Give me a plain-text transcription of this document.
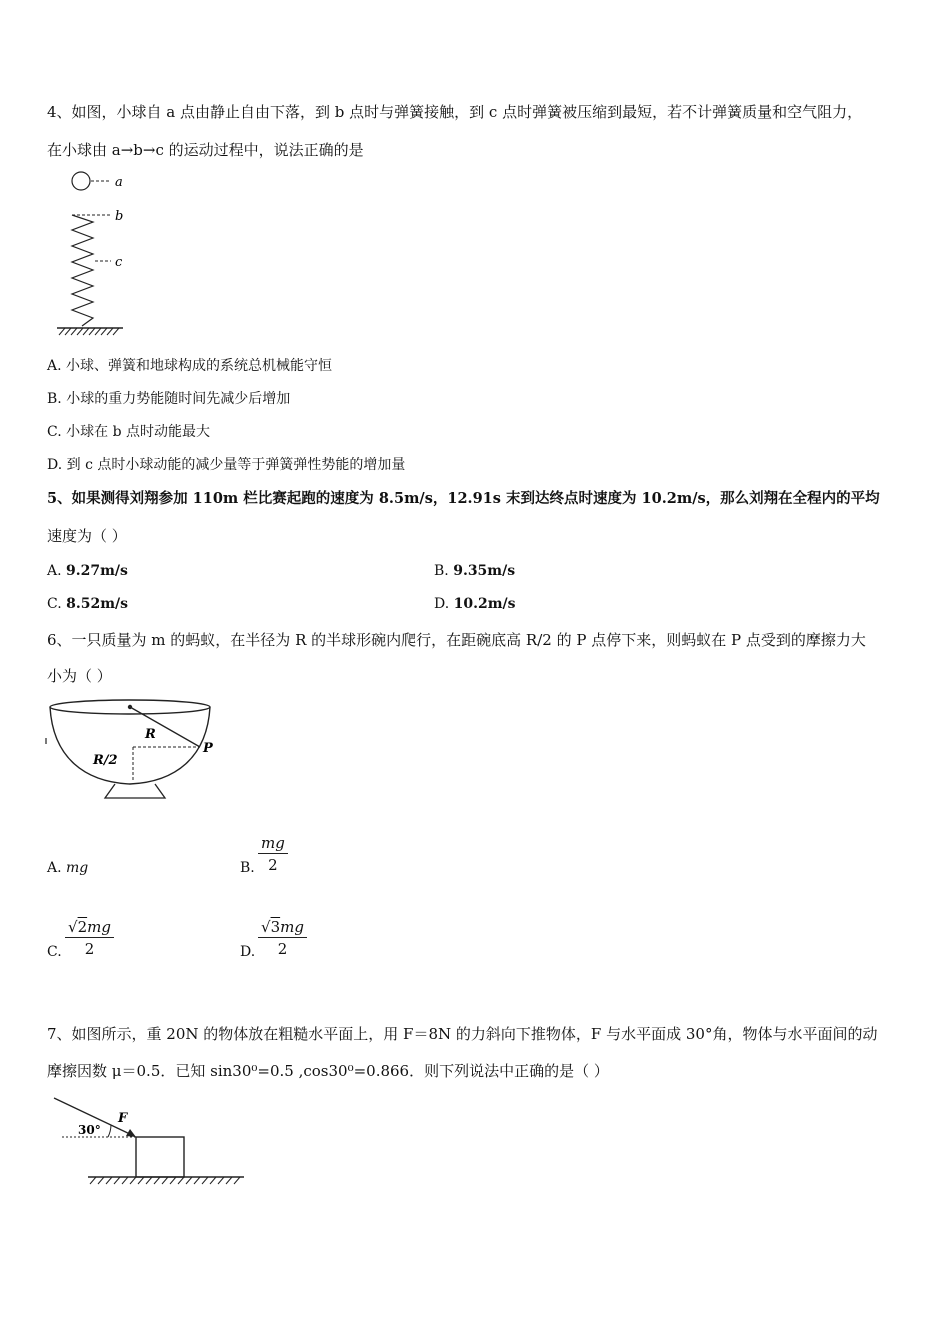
4、如图，小球自 a 点由静止自由下落，到 b 点时与弹簧接触，到 c 点时弹簧被压缩到最短，若不计弹簧质量和空气阻力，
在小球由 a→b→c 的运动过程中，说法正确的是
a
b
c
A. 小球、弹簧和地球构成的系统总机械能守恒
B. 小球的重力势能随时间先减少后增加
C. 小球在 b 点时动能最大
D. 到 c 点时小球动能的减少量等于弹簧弹性势能的增加量
5、如果测得刘翔参加 110m 栏比赛起跑的速度为 8.5m/s，12.91s 末到达终点时速度为 10.2m/s，那么刘翔在全程内的平均
速度为（ ）
A. 9.27m/s	B. 9.35m/s
C. 8.52m/s	D. 10.2m/s
6、一只质量为 m 的蚂蚁，在半径为 R 的半球形碗内爬行，在距碗底高 R/2 的 P 点停下来，则蚂蚁在 P 点受到的摩擦力大
小为（ ）
R
P
R/2
A. mg	B. $\frac{mg}{2}$
C. $\frac{√2mg}{2}$	D. $\frac{√3mg}{2}$
7、如图所示，重 20N 的物体放在粗糙水平面上，用 F＝8N 的力斜向下推物体，F 与水平面成 30°角，物体与水平面间的动
摩擦因数 μ＝0.5．已知 sin30⁰=0.5 ,cos30⁰=0.866．则下列说法中正确的是（ ）
F
30°
